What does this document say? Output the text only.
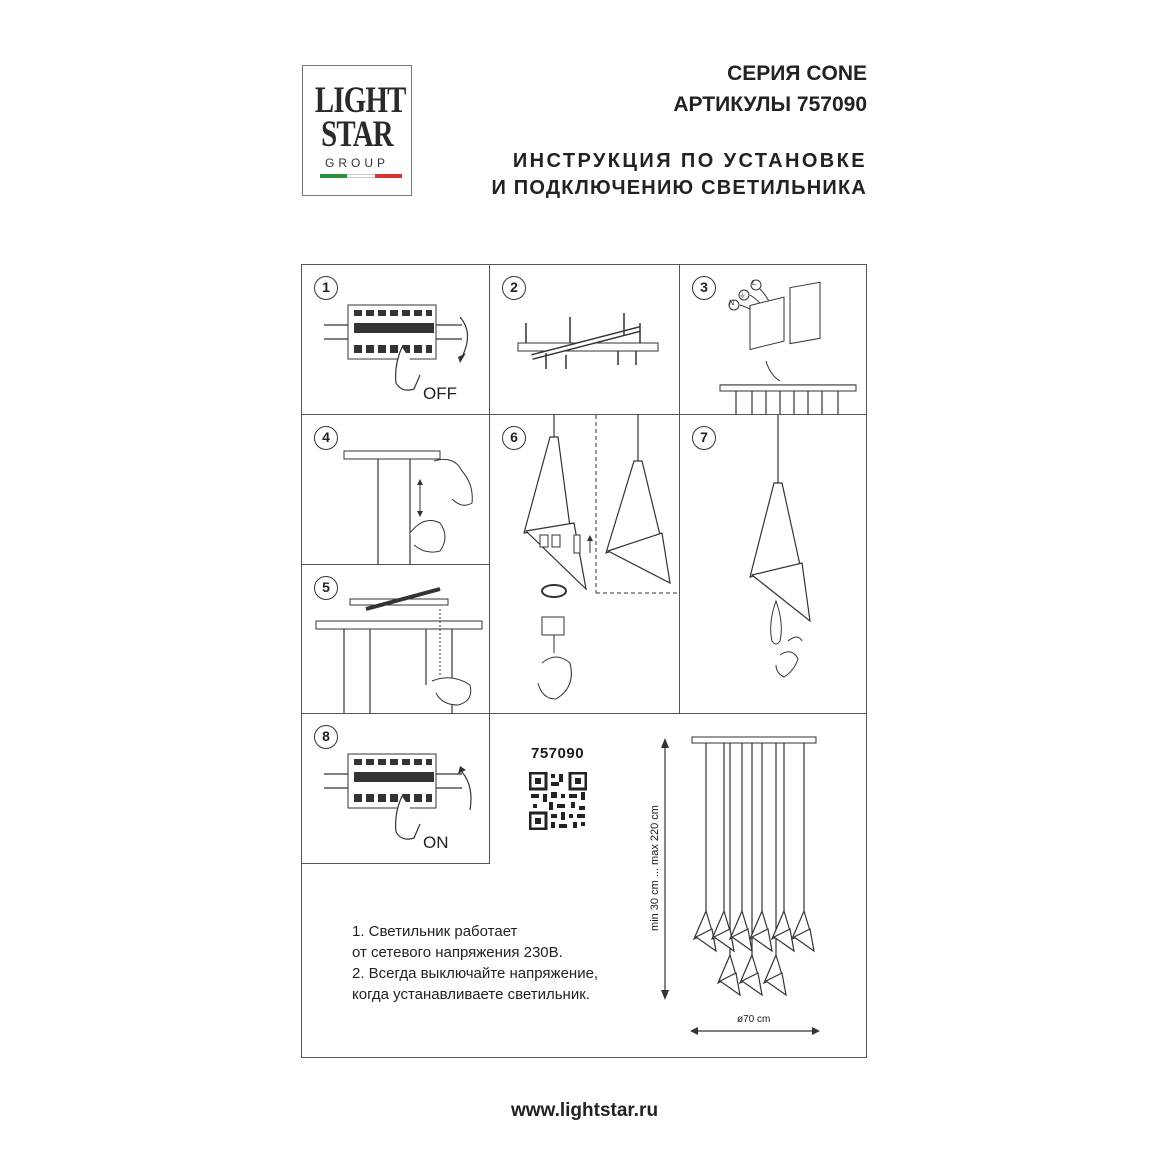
LIGHT
STAR
GROUP
СЕРИЯ CONE
АРТИКУЛЫ 757090
ИНСТРУКЦИЯ ПО УСТАНОВКЕ
И ПОДКЛЮЧЕНИЮ СВЕТИЛЬНИКА
1
OFF
2	3
N
⏚
L
4
5
6	7
8
ON
757090
1. Светильник работает
от сетевого напряжения 230В.
2. Всегда выключайте напряжение,
когда устанавливаете светильник.
min 30 cm ... max 220 cm
ø70 cm
www.lightstar.ru
